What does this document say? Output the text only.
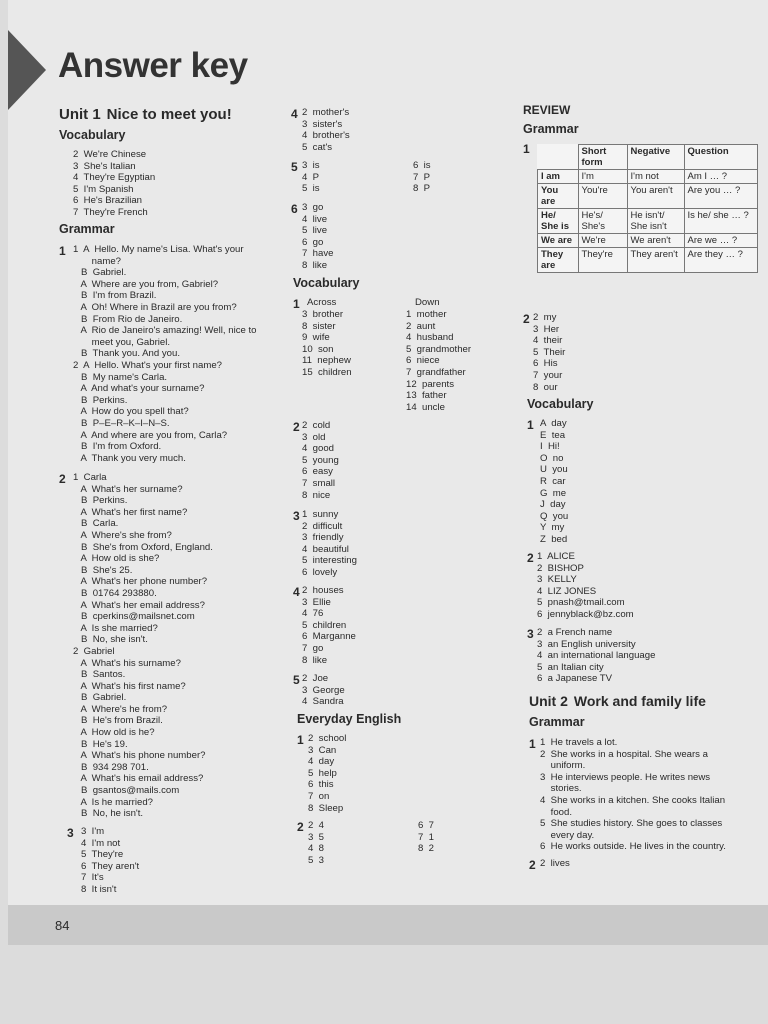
84
Answer key
Unit 1 Nice to meet you!
Vocabulary
2  We're Chinese
3  She's Italian
4  They're Egyptian
5  I'm Spanish
6  He's Brazilian
7  They're French
Grammar
1 1  A  Hello. My name's Lisa. What's your
name?
B  Gabriel.
A  Where are you from, Gabriel?
B  I'm from Brazil.
A  Oh! Where in Brazil are you from?
B  From Rio de Janeiro.
A  Rio de Janeiro's amazing! Well, nice to
meet you, Gabriel.
B  Thank you. And you.
2  A  Hello. What's your first name?
B  My name's Carla.
A  And what's your surname?
B  Perkins.
A  How do you spell that?
B  P–E–R–K–I–N–S.
A  And where are you from, Carla?
B  I'm from Oxford.
A  Thank you very much.
2 1  Carla
A  What's her surname?
B  Perkins.
A  What's her first name?
B  Carla.
A  Where's she from?
B  She's from Oxford, England.
A  How old is she?
B  She's 25.
A  What's her phone number?
B  01764 293880.
A  What's her email address?
B  cperkins@mailsnet.com
A  Is she married?
B  No, she isn't.
2  Gabriel
A  What's his surname?
B  Santos.
A  What's his first name?
B  Gabriel.
A  Where's he from?
B  He's from Brazil.
A  How old is he?
B  He's 19.
A  What's his phone number?
B  934 298 701.
A  What's his email address?
B  gsantos@mails.com
A  Is he married?
B  No, he isn't.
3 3  I'm
4  I'm not
5  They're
6  They aren't
7  It's
8  It isn't
4 2  mother's
3  sister's
4  brother's
5  cat's
5 3  is
4  P
5  is
6  is
7  P
8  P
6 3  go
4  live
5  live
6  go
7  have
8  like
Vocabulary
1 Across
3  brother
8  sister
9  wife
10  son
11  nephew
15  children
Down
1  mother
2  aunt
4  husband
5  grandmother
6  niece
7  grandfather
12  parents
13  father
14  uncle
2 2  cold
3  old
4  good
5  young
6  easy
7  small
8  nice
3 1  sunny
2  difficult
3  friendly
4  beautiful
5  interesting
6  lovely
4 2  houses
3  Ellie
4  76
5  children
6  Marganne
7  go
8  like
5 2  Joe
3  George
4  Sandra
Everyday English
1 2  school
3  Can
4  day
5  help
6  this
7  on
8  Sleep
2 2  4
3  5
4  8
5  3
6  7
7  1
8  2
REVIEW
Grammar
1
		Short form	Negative	Question
I am	I'm	I'm not	Am I … ?
You are	You're	You aren't	Are you … ?
He/ She is	He's/ She's	He isn't/ She isn't	Is he/ she … ?
We are	We're	We aren't	Are we … ?
They are	They're	They aren't	Are they … ?
2 2  my
3  Her
4  their
5  Their
6  His
7  your
8  our
Vocabulary
1 A  day
E  tea
I  Hi!
O  no
U  you
R  car
G  me
J  day
Q  you
Y  my
Z  bed
2 1  ALICE
2  BISHOP
3  KELLY
4  LIZ JONES
5  pnash@tmail.com
6  jennyblack@bz.com
3 2  a French name
3  an English university
4  an international language
5  an Italian city
6  a Japanese TV
Unit 2 Work and family life
Grammar
1 1  He travels a lot.
2  She works in a hospital. She wears a
uniform.
3  He interviews people. He writes news
stories.
4  She works in a kitchen. She cooks Italian
food.
5  She studies history. She goes to classes
every day.
6  He works outside. He lives in the country.
2 2  lives
